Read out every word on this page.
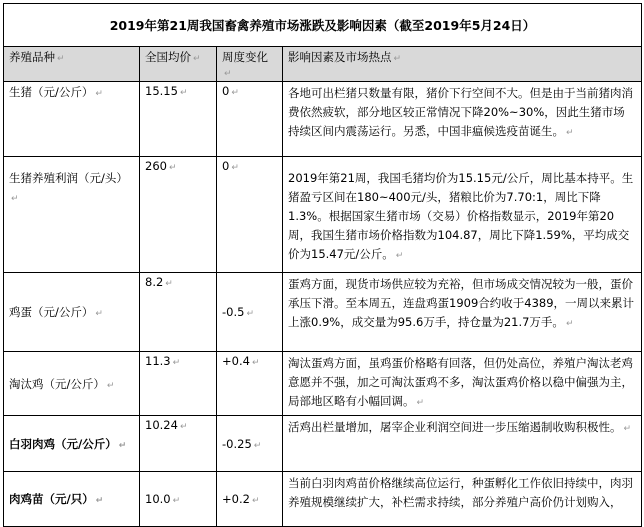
2019年第21周我国畜禽养殖市场涨跌及影响因素（截至2019年5月24日）			
养殖品种 ↵	全国均价 ↵	周度变化↵	影响因素及市场热点 ↵
生猪（元/公斤） ↵	15.15 ↵	0 ↵	各地可出栏猪只数量有限，猪价下行空间不大。但是由于当前猪肉消费依然疲软，部分地区较正常情况下降20%~30%，因此生猪市场持续区间内震荡运行。另悉，中国非瘟候选疫苗诞生。 ↵
生猪养殖利润（元/头）↵	260 ↵	0 ↵	2019年第21周，我国毛猪均价为15.15元/公斤，周比基本持平。生猪盈亏区间在180~400元/头，猪粮比价为7.70:1，周比下降1.3%。根据国家生猪市场（交易）价格指数显示，2019年第20周，我国生猪市场价格指数为104.87，周比下降1.59%，平均成交价为15.47元/公斤。 ↵
鸡蛋（元/公斤） ↵	8.2 ↵	-0.5 ↵	蛋鸡方面，现货市场供应较为充裕，但市场成交情况较为一般，蛋价承压下滑。至本周五，连盘鸡蛋1909合约收于4389，一周以来累计上涨0.9%，成交量为95.6万手，持仓量为21.7万手。 ↵
淘汰鸡（元/公斤） ↵	11.3 ↵	+0.4 ↵	淘汰蛋鸡方面，虽鸡蛋价格略有回落，但仍处高位，养殖户淘汰老鸡意愿并不强，加之可淘汰蛋鸡不多，淘汰蛋鸡价格以稳中偏强为主，局部地区略有小幅回调。 ↵
白羽肉鸡（元/公斤） ↵	10.24 ↵	-0.25 ↵	活鸡出栏量增加，屠宰企业利润空间进一步压缩遏制收购积极性。 ↵
肉鸡苗（元/只） ↵	10.0 ↵	+0.2 ↵	当前白羽肉鸡苗价格继续高位运行，种蛋孵化工作依旧持续中，肉羽养殖规模继续扩大，补栏需求持续，部分养殖户高价仍计划购入，
